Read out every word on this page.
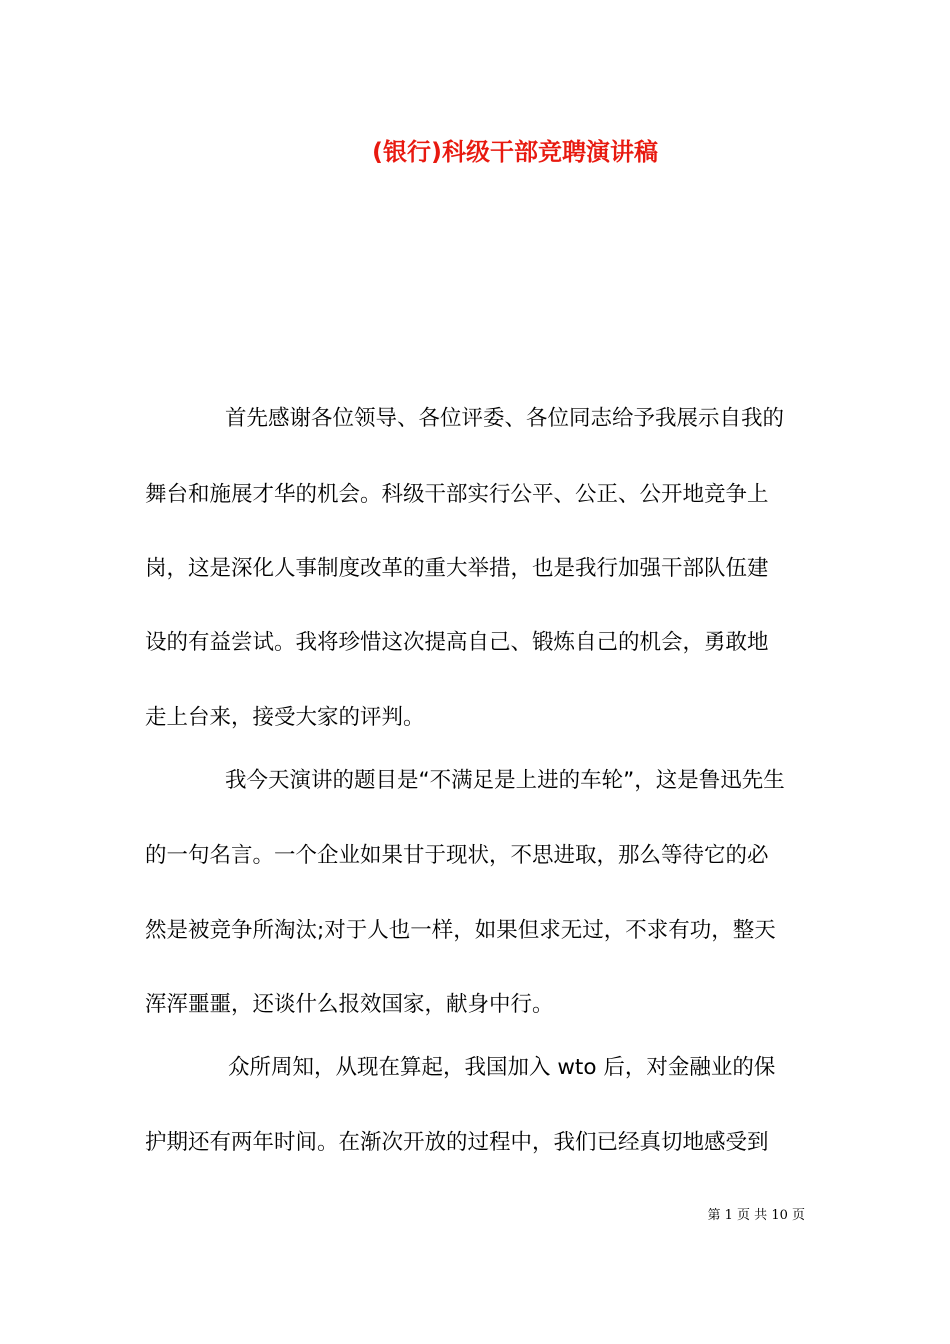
(银行)科级干部竞聘演讲稿
首先感谢各位领导、各位评委、各位同志给予我展示自我的
舞台和施展才华的机会。科级干部实行公平、公正、公开地竞争上
岗，这是深化人事制度改革的重大举措，也是我行加强干部队伍建
设的有益尝试。我将珍惜这次提高自己、锻炼自己的机会，勇敢地
走上台来，接受大家的评判。
我今天演讲的题目是“不满足是上进的车轮”，这是鲁迅先生
的一句名言。一个企业如果甘于现状，不思进取，那么等待它的必
然是被竞争所淘汰;对于人也一样，如果但求无过，不求有功，整天
浑浑噩噩，还谈什么报效国家，献身中行。
众所周知，从现在算起，我国加入 wto 后，对金融业的保
护期还有两年时间。在渐次开放的过程中，我们已经真切地感受到
第 1 页 共 10 页
